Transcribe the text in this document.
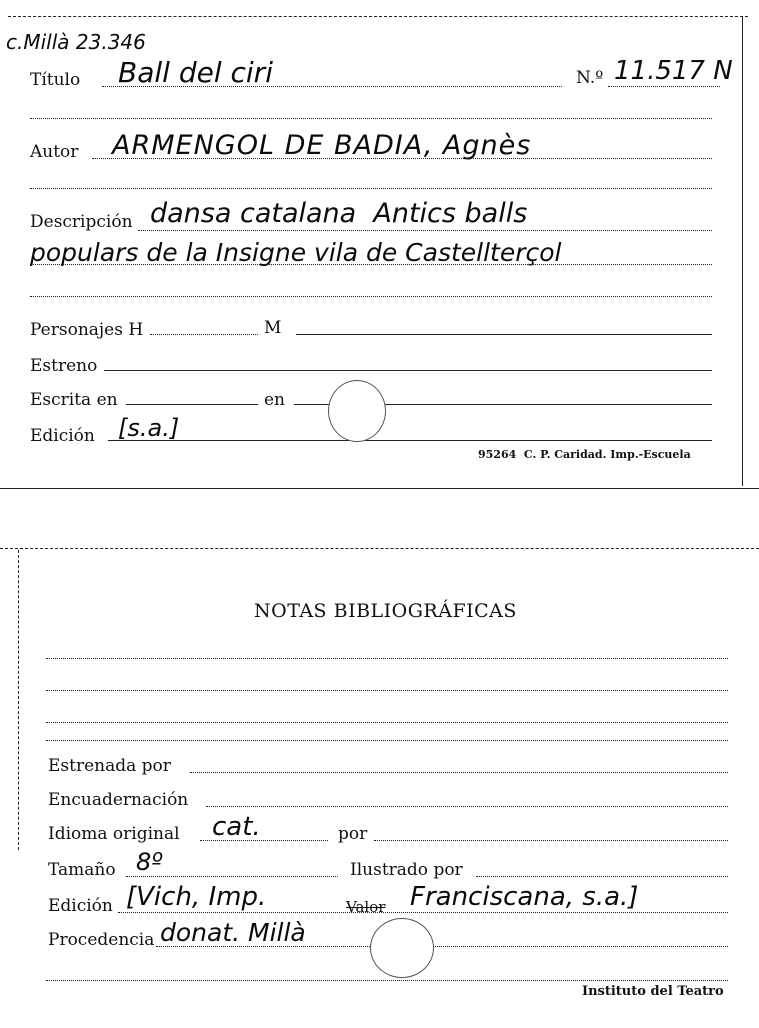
c.Millà 23.346
Título Ball del ciri	N.º 11.517 N
Autor ARMENGOL DE BADIA, Agnès
Descripción dansa catalana  Antics balls
populars de la Insigne vila de Castellterçol
Personajes H	M
Estreno
Escrita en	en
Edición [s.a.]
95264  C. P. Caridad. Imp.-Escuela
NOTAS BIBLIOGRÁFICAS
Estrenada por
Encuadernación
Idioma original cat.	por
Tamaño 8º	Ilustrado por
Edición [Vich, Imp.	Valor Franciscana, s.a.]
Procedencia donat. Millà
Instituto del Teatro
